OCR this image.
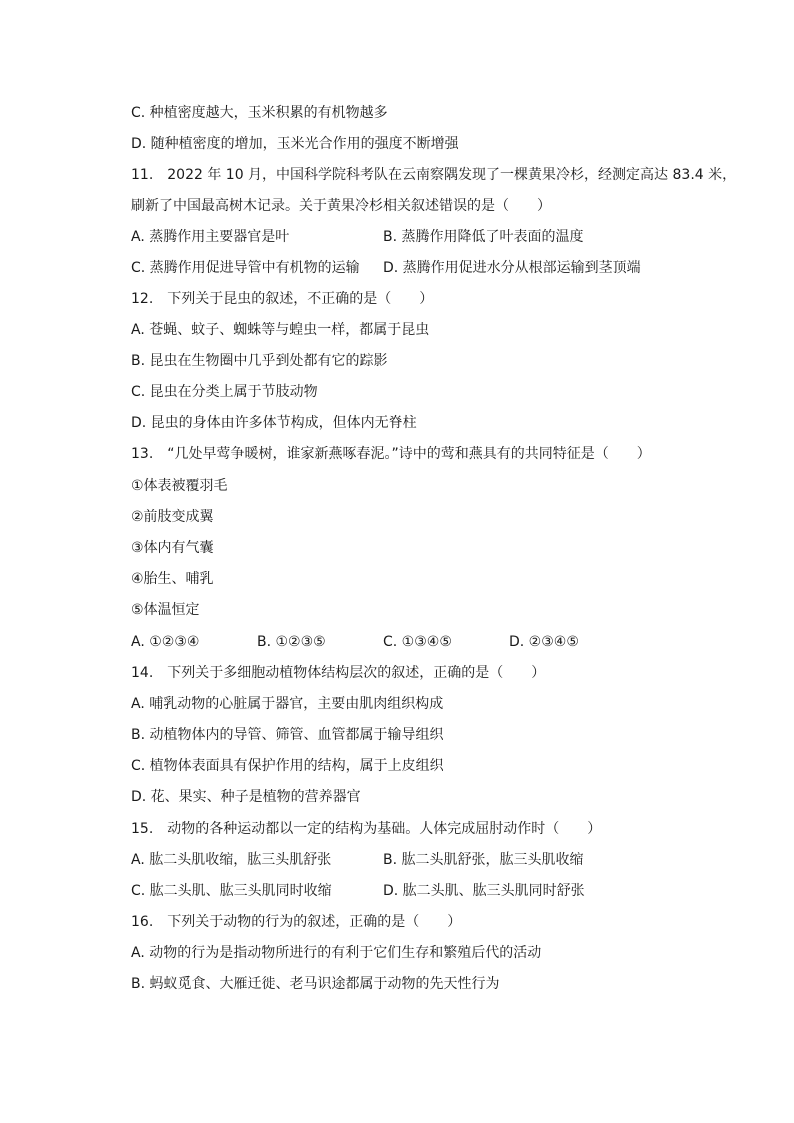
C. 种植密度越大，玉米积累的有机物越多
D. 随种植密度的增加，玉米光合作用的强度不断增强
11.　2022 年 10 月，中国科学院科考队在云南察隅发现了一棵黄果冷杉，经测定高达 83.4 米，
刷新了中国最高树木记录。关于黄果冷杉相关叙述错误的是（　　）
A. 蒸腾作用主要器官是叶	B. 蒸腾作用降低了叶表面的温度
C. 蒸腾作用促进导管中有机物的运输 D. 蒸腾作用促进水分从根部运输到茎顶端
12.　下列关于昆虫的叙述，不正确的是（　　）
A. 苍蝇、蚊子、蜘蛛等与蝗虫一样，都属于昆虫
B. 昆虫在生物圈中几乎到处都有它的踪影
C. 昆虫在分类上属于节肢动物
D. 昆虫的身体由许多体节构成，但体内无脊柱
13.　“几处早莺争暖树，谁家新燕啄春泥。”诗中的莺和燕具有的共同特征是（　　）
①体表被覆羽毛
②前肢变成翼
③体内有气囊
④胎生、哺乳
⑤体温恒定
A. ①②③④	B. ①②③⑤	C. ①③④⑤	D. ②③④⑤
14.　下列关于多细胞动植物体结构层次的叙述，正确的是（　　）
A. 哺乳动物的心脏属于器官，主要由肌肉组织构成
B. 动植物体内的导管、筛管、血管都属于输导组织
C. 植物体表面具有保护作用的结构，属于上皮组织
D. 花、果实、种子是植物的营养器官
15.　动物的各种运动都以一定的结构为基础。人体完成屈肘动作时（　　）
A. 肱二头肌收缩，肱三头肌舒张	B. 肱二头肌舒张，肱三头肌收缩
C. 肱二头肌、肱三头肌同时收缩	D. 肱二头肌、肱三头肌同时舒张
16.　下列关于动物的行为的叙述，正确的是（　　）
A. 动物的行为是指动物所进行的有利于它们生存和繁殖后代的活动
B. 蚂蚁觅食、大雁迁徙、老马识途都属于动物的先天性行为
